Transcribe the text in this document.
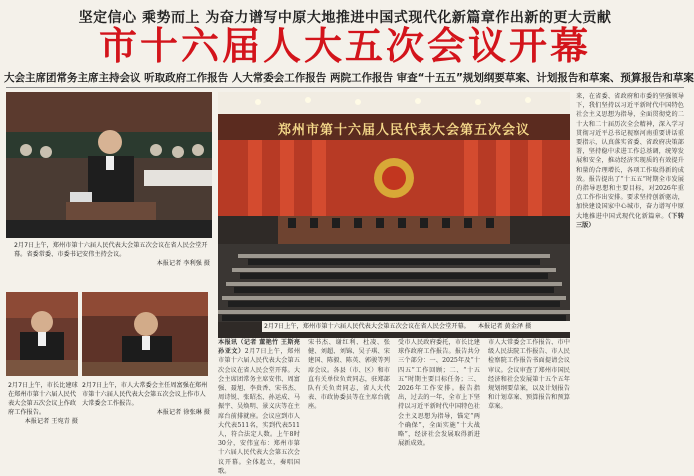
坚定信心 乘势而上 为奋力谱写中原大地推进中国式现代化新篇章作出新的更大贡献
市十六届人大五次会议开幕
大会主席团常务主席主持会议 听取政府工作报告 人大常委会工作报告 两院工作报告 审查“十五五”规划纲要草案、计划报告和草案、预算报告和草案
2月7日上午，郑州市第十六届人民代表大会第五次会议在省人民会堂开幕。省委常委、市委书记安伟主持会议。
本报记者 李利强 摄
郑州市第十六届人民代表大会第五次会议
2月7日上午，郑州市第十六届人民代表大会第五次会议在省人民会堂开幕。 本报记者 黄金泽 摄
2月7日上午，市长比建球在郑州市第十六届人民代表大会第五次会议上作政府工作报告。
本报记者 王宛青 摄
2月7日上午，市人大常委会主任周富强在郑州市第十六届人民代表大会第五次会议上作市人大常委会工作报告。
本报记者 徐张琳 摄
本报讯（记者 董艳竹 王斯亮 孙亚文）2月7日上午，郑州市第十六届人民代表大会第五次会议在省人民会堂开幕。大会主席团常务主席安伟、周富强、聂旭、李贵香、宋书杰、周诗锐、张昭杰、孙运成、马振宇、吴焕明、景义庆等在主席台前排就座。会议应到市人大代表511名，实到代表511人，符合法定人数。上午8时30分，安伟宣布：郑州市第十六届人民代表大会第五次会议开幕。全体起立，奏唱国歌。
宋书杰、谢红利、杜凌、张健、刘超、刘锦、吴子琪、宋建国、陈毅、陈英、郭骏等列席会议。各县（市、区）和市直有关单位负责同志，驻郑部队有关负责同志，省人大代表、市政协委员等在主席台就座。
受市人民政府委托，市长比建球作政府工作报告。报告共分三个部分：一、2025年及“十四五”工作回顾；二、“十五五”时期主要目标任务；三、2026年工作安排。报告指出，过去的一年，全市上下坚持以习近平新时代中国特色社会主义思想为指导，锚定“两个确保”，全面实施“十大战略”，经济社会发展取得新进展新成效。
市人大常委会工作报告、市中级人民法院工作报告、市人民检察院工作报告书面提请会议审议。会议审查了郑州市国民经济和社会发展第十五个五年规划纲要草案，以及计划报告和计划草案、预算报告和预算草案。
来，在省委、省政府和市委的坚强领导下，我们坚持以习近平新时代中国特色社会主义思想为指导，全面贯彻党的二十大和二十届历次全会精神，深入学习贯彻习近平总书记视察河南重要讲话重要指示，认真落实省委、省政府决策部署，坚持稳中求进工作总基调，统筹发展和安全，推动经济实现质的有效提升和量的合理增长，各项工作取得新的成效。报告提出了“十五五”时期全市发展的指导思想和主要目标，对2026年重点工作作出安排。要求坚持创新驱动，加快建设国家中心城市，奋力谱写中原大地推进中国式现代化新篇章。（下转三版）
